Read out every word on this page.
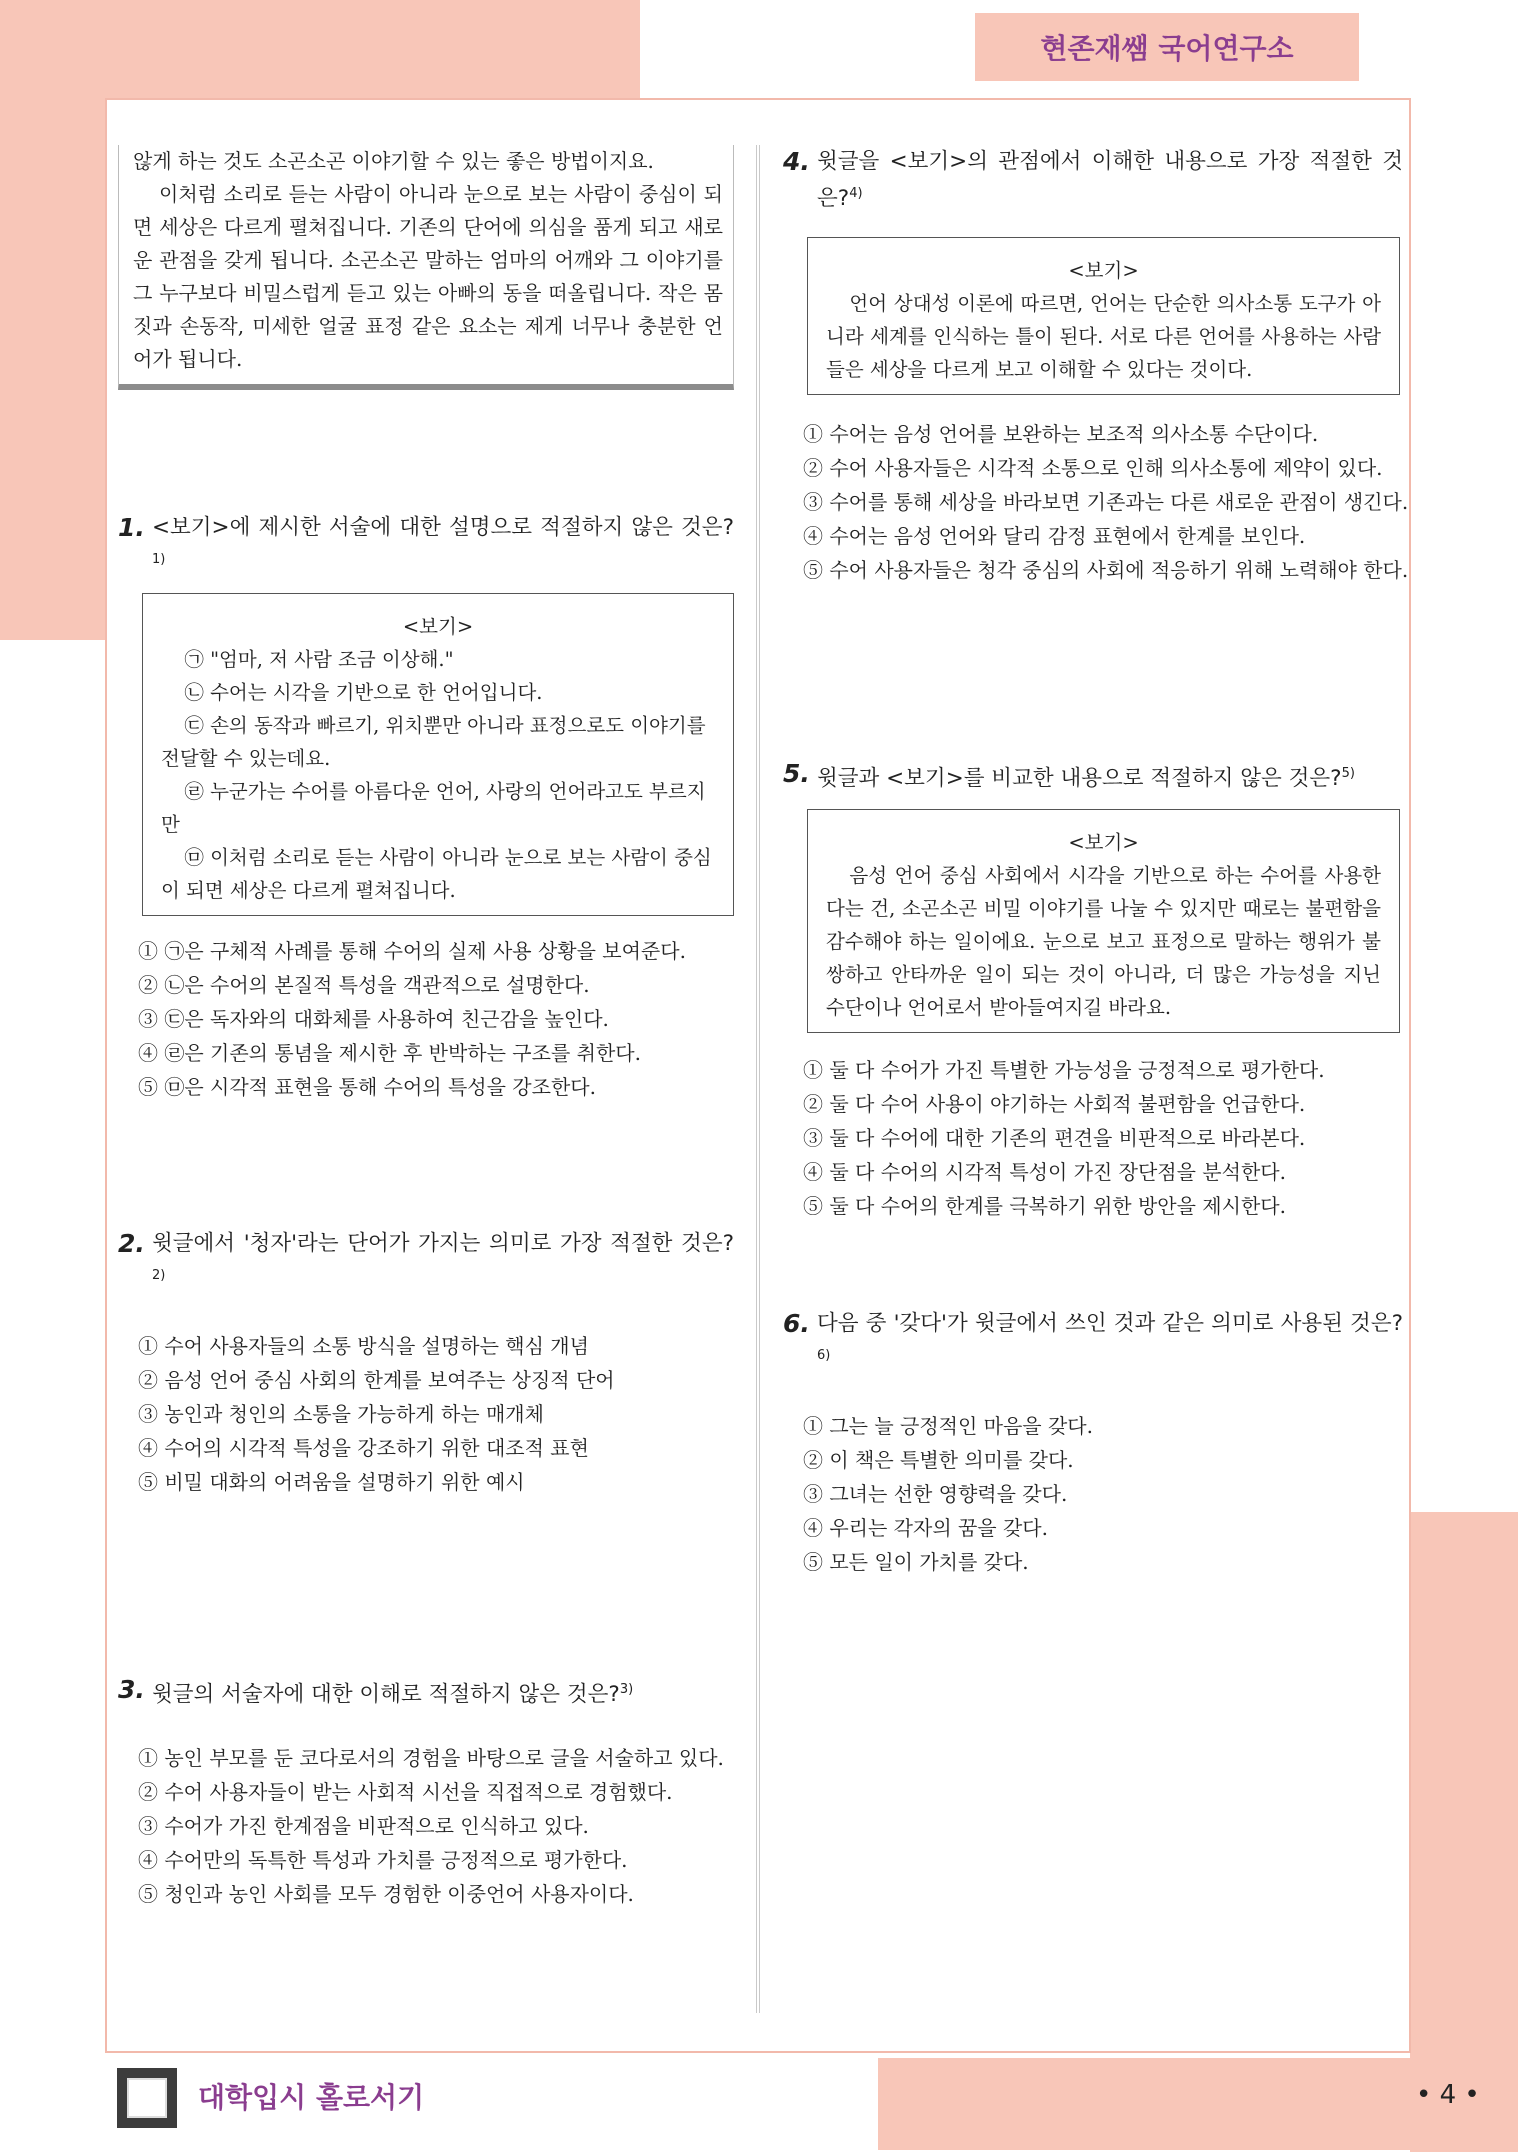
현존재쌤 국어연구소

않게 하는 것도 소곤소곤 이야기할 수 있는 좋은 방법이지요.

이처럼 소리로 듣는 사람이 아니라 눈으로 보는 사람이 중심이 되면 세상은 다르게 펼쳐집니다. 기존의 단어에 의심을 품게 되고 새로운 관점을 갖게 됩니다. 소곤소곤 말하는 엄마의 어깨와 그 이야기를 그 누구보다 비밀스럽게 듣고 있는 아빠의 동을 떠올립니다. 작은 몸짓과 손동작, 미세한 얼굴 표정 같은 요소는 제게 너무나 충분한 언어가 됩니다.

1. <보기>에 제시한 서술에 대한 설명으로 적절하지 않은 것은?$^{1)}$
<보기>

㉠ "엄마, 저 사람 조금 이상해."

㉡ 수어는 시각을 기반으로 한 언어입니다.

㉢ 손의 동작과 빠르기, 위치뿐만 아니라 표정으로도 이야기를 전달할 수 있는데요.

㉣ 누군가는 수어를 아름다운 언어, 사랑의 언어라고도 부르지만

㉤ 이처럼 소리로 듣는 사람이 아니라 눈으로 보는 사람이 중심이 되면 세상은 다르게 펼쳐집니다.

① ㉠은 구체적 사례를 통해 수어의 실제 사용 상황을 보여준다.
② ㉡은 수어의 본질적 특성을 객관적으로 설명한다.
③ ㉢은 독자와의 대화체를 사용하여 친근감을 높인다.
④ ㉣은 기존의 통념을 제시한 후 반박하는 구조를 취한다.
⑤ ㉤은 시각적 표현을 통해 수어의 특성을 강조한다.
2. 윗글에서 '청자'라는 단어가 가지는 의미로 가장 적절한 것은?$^{2)}$
① 수어 사용자들의 소통 방식을 설명하는 핵심 개념
② 음성 언어 중심 사회의 한계를 보여주는 상징적 단어
③ 농인과 청인의 소통을 가능하게 하는 매개체
④ 수어의 시각적 특성을 강조하기 위한 대조적 표현
⑤ 비밀 대화의 어려움을 설명하기 위한 예시
3. 윗글의 서술자에 대한 이해로 적절하지 않은 것은?$^{3)}$
① 농인 부모를 둔 코다로서의 경험을 바탕으로 글을 서술하고 있다.
② 수어 사용자들이 받는 사회적 시선을 직접적으로 경험했다.
③ 수어가 가진 한계점을 비판적으로 인식하고 있다.
④ 수어만의 독특한 특성과 가치를 긍정적으로 평가한다.
⑤ 청인과 농인 사회를 모두 경험한 이중언어 사용자이다.
4. 윗글을 <보기>의 관점에서 이해한 내용으로 가장 적절한 것은?$^{4)}$
<보기>

언어 상대성 이론에 따르면, 언어는 단순한 의사소통 도구가 아니라 세계를 인식하는 틀이 된다. 서로 다른 언어를 사용하는 사람들은 세상을 다르게 보고 이해할 수 있다는 것이다.

① 수어는 음성 언어를 보완하는 보조적 의사소통 수단이다.
② 수어 사용자들은 시각적 소통으로 인해 의사소통에 제약이 있다.
③ 수어를 통해 세상을 바라보면 기존과는 다른 새로운 관점이 생긴다.
④ 수어는 음성 언어와 달리 감정 표현에서 한계를 보인다.
⑤ 수어 사용자들은 청각 중심의 사회에 적응하기 위해 노력해야 한다.
5. 윗글과 <보기>를 비교한 내용으로 적절하지 않은 것은?$^{5)}$
<보기>

음성 언어 중심 사회에서 시각을 기반으로 하는 수어를 사용한다는 건, 소곤소곤 비밀 이야기를 나눌 수 있지만 때로는 불편함을 감수해야 하는 일이에요. 눈으로 보고 표정으로 말하는 행위가 불쌍하고 안타까운 일이 되는 것이 아니라, 더 많은 가능성을 지닌 수단이나 언어로서 받아들여지길 바라요.

① 둘 다 수어가 가진 특별한 가능성을 긍정적으로 평가한다.
② 둘 다 수어 사용이 야기하는 사회적 불편함을 언급한다.
③ 둘 다 수어에 대한 기존의 편견을 비판적으로 바라본다.
④ 둘 다 수어의 시각적 특성이 가진 장단점을 분석한다.
⑤ 둘 다 수어의 한계를 극복하기 위한 방안을 제시한다.
6. 다음 중 '갖다'가 윗글에서 쓰인 것과 같은 의미로 사용된 것은?$^{6)}$
① 그는 늘 긍정적인 마음을 갖다.
② 이 책은 특별한 의미를 갖다.
③ 그녀는 선한 영향력을 갖다.
④ 우리는 각자의 꿈을 갖다.
⑤ 모든 일이 가치를 갖다.
대학입시 홀로서기	• 4 •
